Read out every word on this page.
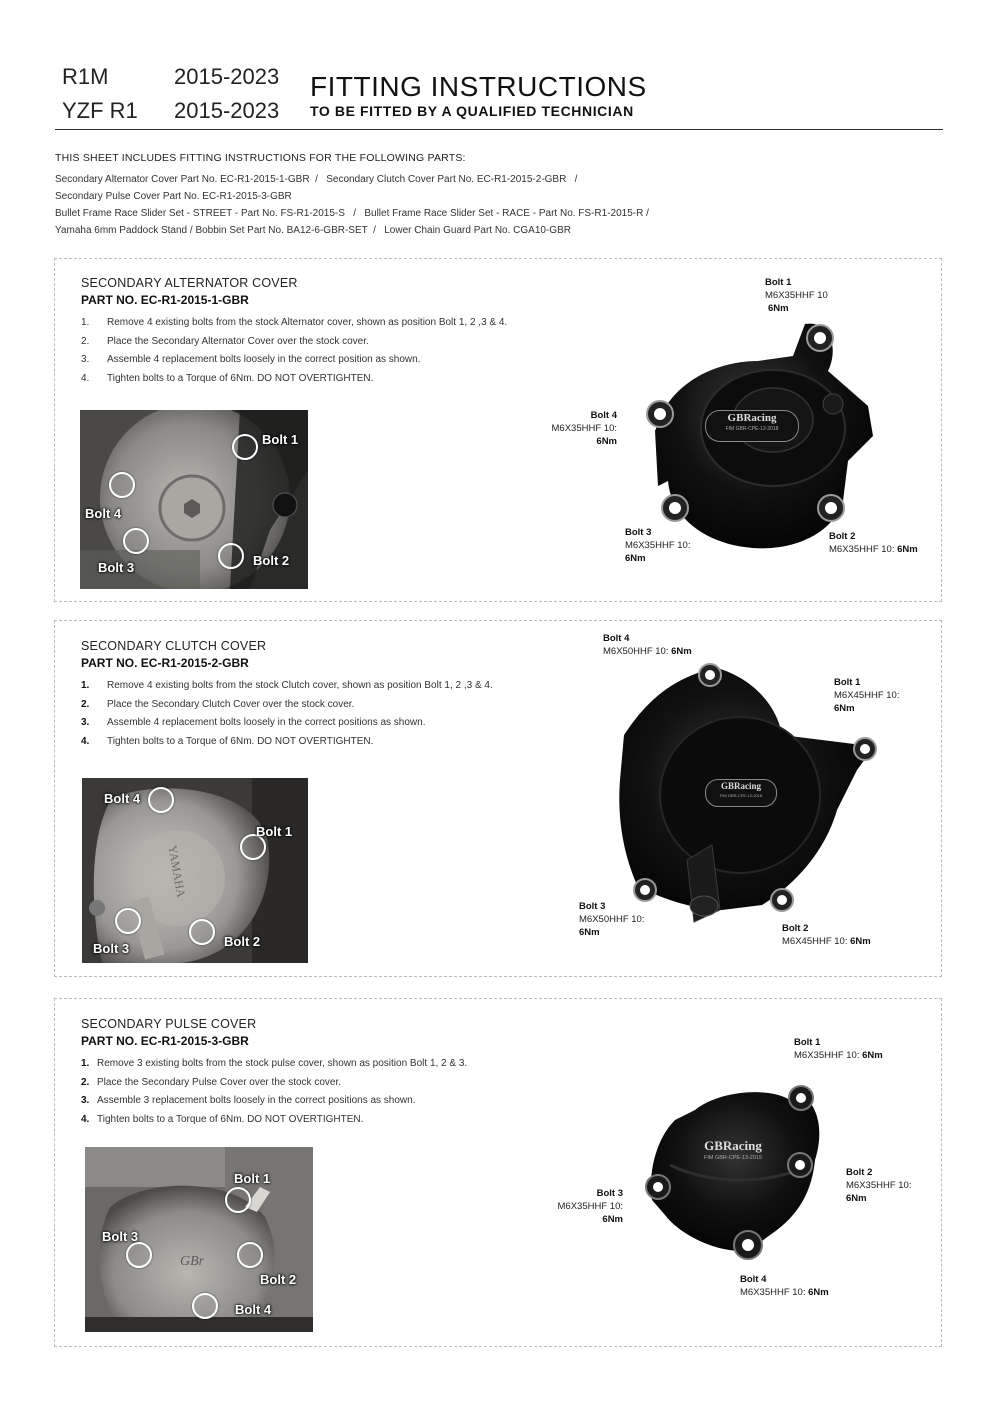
R1M	2015-2023
YZF R1 2015-2023
FITTING INSTRUCTIONS
TO BE FITTED BY A QUALIFIED TECHNICIAN
THIS SHEET INCLUDES FITTING INSTRUCTIONS FOR THE FOLLOWING PARTS:
Secondary Alternator Cover Part No. EC-R1-2015-1-GBR  /   Secondary Clutch Cover Part No. EC-R1-2015-2-GBR   /
Secondary Pulse Cover Part No. EC-R1-2015-3-GBR
Bullet Frame Race Slider Set - STREET - Part No. FS-R1-2015-S   /   Bullet Frame Race Slider Set - RACE - Part No. FS-R1-2015-R /
Yamaha 6mm Paddock Stand / Bobbin Set Part No. BA12-6-GBR-SET  /   Lower Chain Guard Part No. CGA10-GBR
SECONDARY ALTERNATOR COVER
PART NO. EC-R1-2015-1-GBR
1. Remove 4 existing bolts from the stock Alternator cover, shown as position Bolt 1, 2 ,3 & 4.
2. Place the Secondary Alternator Cover over the stock cover.
3. Assemble 4 replacement bolts loosely in the correct position as shown.
4. Tighten bolts to a Torque of 6Nm. DO NOT OVERTIGHTEN.
Bolt 1
Bolt 4
Bolt 3	Bolt 2
GBRacing
FIM GBR-CPE-13-2018
Bolt 1
M6X35HHF 10
6Nm
Bolt 4
M6X35HHF 10:
6Nm
Bolt 3
M6X35HHF 10:
6Nm
Bolt 2
M6X35HHF 10: 6Nm
SECONDARY CLUTCH COVER
PART NO. EC-R1-2015-2-GBR
1. Remove 4 existing bolts from the stock Clutch cover, shown as position Bolt 1, 2 ,3 & 4.
2. Place the Secondary Clutch Cover over the stock cover.
3. Assemble 4 replacement bolts loosely in the correct positions as shown.
4. Tighten bolts to a Torque of 6Nm. DO NOT OVERTIGHTEN.
YAMAHA
Bolt 4
Bolt 1
Bolt 3	Bolt 2
GBRacing
FIM GBR-CPE-13-2018
Bolt 4
M6X50HHF 10: 6Nm
Bolt 1
M6X45HHF 10:
6Nm
Bolt 3
M6X50HHF 10:
6Nm	Bolt 2
M6X45HHF 10: 6Nm
SECONDARY PULSE COVER
PART NO. EC-R1-2015-3-GBR
1. Remove 3 existing bolts from the stock pulse cover, shown as position Bolt 1, 2 & 3.
2. Place the Secondary Pulse Cover over the stock cover.
3. Assemble 3 replacement bolts loosely in the correct positions as shown.
4. Tighten bolts to a Torque of 6Nm. DO NOT OVERTIGHTEN.
GBr
Bolt 1
Bolt 3
Bolt 2
Bolt 4
GBRacing
FIM GBR-CPE-13-2015
Bolt 1
M6X35HHF 10: 6Nm
Bolt 2
M6X35HHF 10:
6Nm
Bolt 3
M6X35HHF 10:
6Nm
Bolt 4
M6X35HHF 10: 6Nm
